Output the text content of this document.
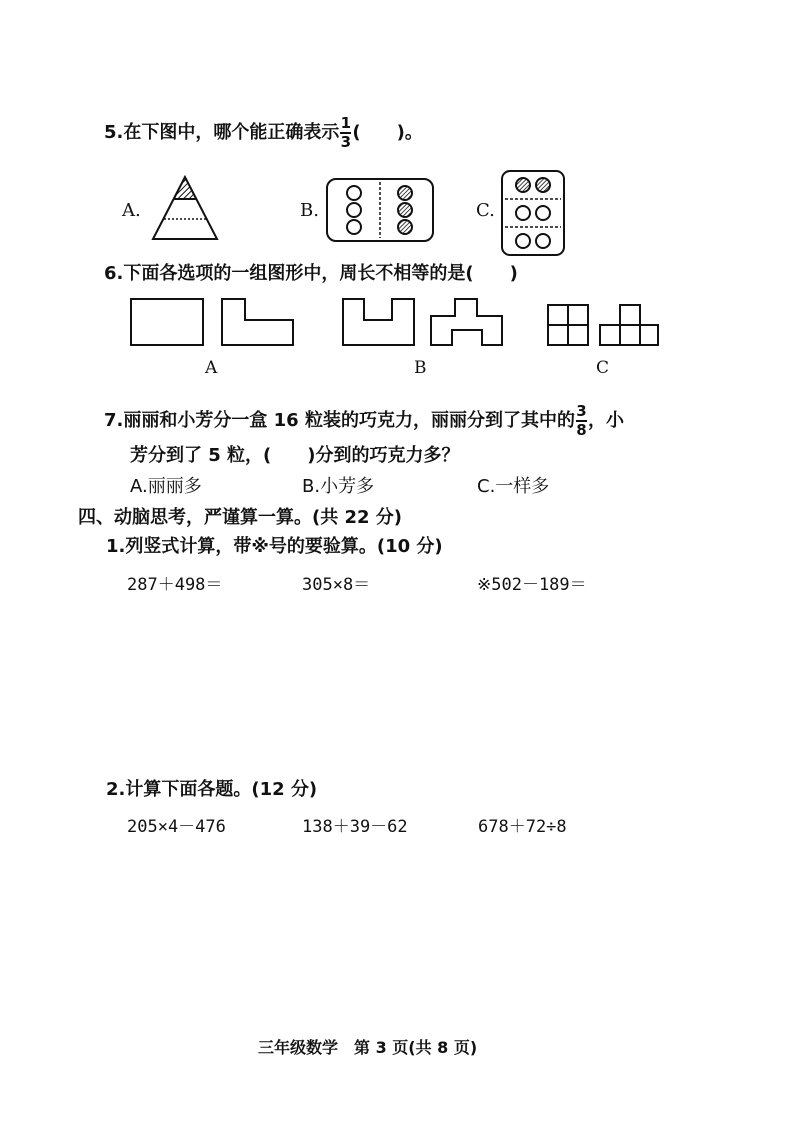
5.在下图中，哪个能正确表示 $\frac{1}{3}$ (　　)。
A.	B.	C.
6.下面各选项的一组图形中，周长不相等的是(　　)
A	B	C
7.丽丽和小芳分一盒 16 粒装的巧克力，丽丽分到了其中的 $\frac{3}{8}$ ，小
芳分到了 5 粒，(　　)分到的巧克力多？
A.丽丽多	B.小芳多	C.一样多
四、动脑思考，严谨算一算。(共 22 分)
1.列竖式计算，带※号的要验算。(10 分)
287＋498＝	305×8＝	※502－189＝
2.计算下面各题。(12 分)
205×4－476	138＋39－62	678＋72÷8
三年级数学　第 3 页(共 8 页)
